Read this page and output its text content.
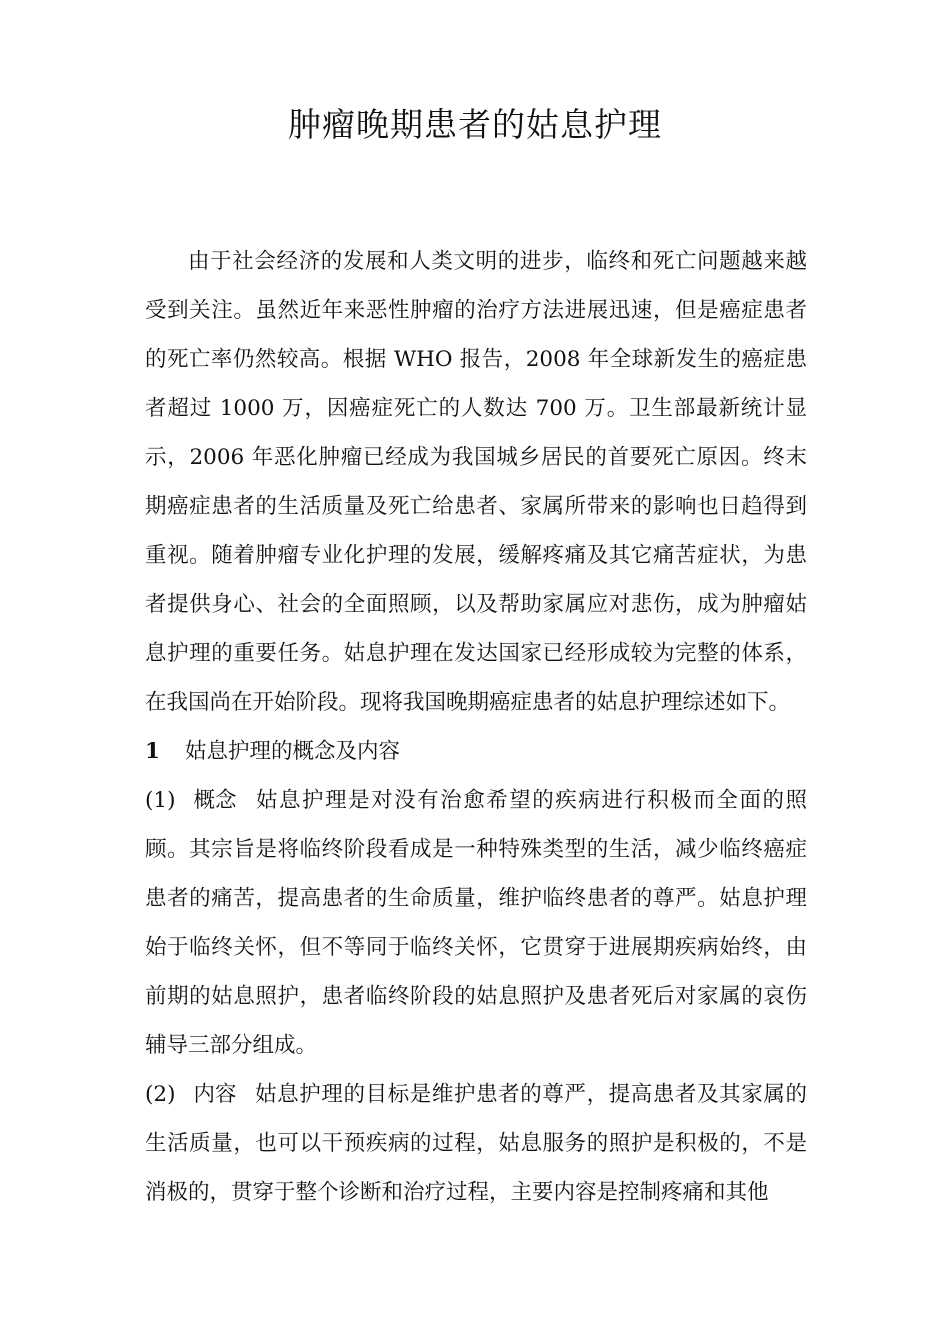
肿瘤晚期患者的姑息护理

由于社会经济的发展和人类文明的进步，临终和死亡问题越来越受到关注。虽然近年来恶性肿瘤的治疗方法进展迅速，但是癌症患者的死亡率仍然较高。根据 WHO 报告，2008 年全球新发生的癌症患者超过 1000 万，因癌症死亡的人数达 700 万。卫生部最新统计显示，2006 年恶化肿瘤已经成为我国城乡居民的首要死亡原因。终末期癌症患者的生活质量及死亡给患者、家属所带来的影响也日趋得到重视。随着肿瘤专业化护理的发展，缓解疼痛及其它痛苦症状，为患者提供身心、社会的全面照顾，以及帮助家属应对悲伤，成为肿瘤姑息护理的重要任务。姑息护理在发达国家已经形成较为完整的体系，在我国尚在开始阶段。现将我国晚期癌症患者的姑息护理综述如下。

1 姑息护理的概念及内容

(1) 概念 姑息护理是对没有治愈希望的疾病进行积极而全面的照顾。其宗旨是将临终阶段看成是一种特殊类型的生活，减少临终癌症患者的痛苦，提高患者的生命质量，维护临终患者的尊严。姑息护理始于临终关怀，但不等同于临终关怀，它贯穿于进展期疾病始终，由前期的姑息照护，患者临终阶段的姑息照护及患者死后对家属的哀伤辅导三部分组成。

(2) 内容 姑息护理的目标是维护患者的尊严，提高患者及其家属的生活质量，也可以干预疾病的过程，姑息服务的照护是积极的，不是消极的，贯穿于整个诊断和治疗过程，主要内容是控制疼痛和其他
